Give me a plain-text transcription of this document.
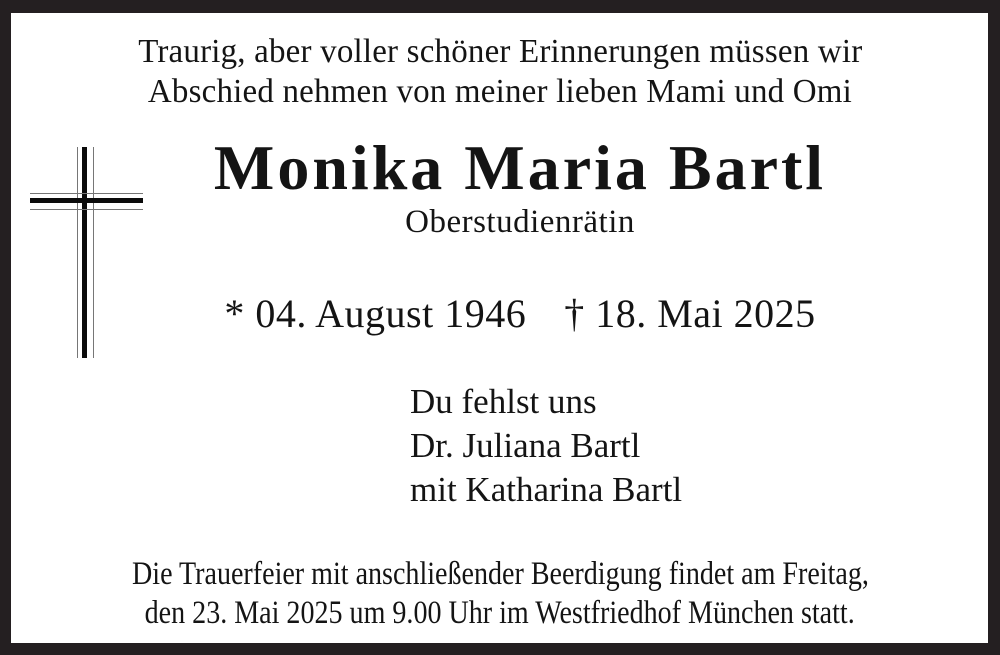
Traurig, aber voller schöner Erinnerungen müssen wir
Abschied nehmen von meiner lieben Mami und Omi
Monika Maria Bartl
Oberstudienrätin
* 04. August 1946 † 18. Mai 2025
Du fehlst uns
Dr. Juliana Bartl
mit Katharina Bartl
Die Trauerfeier mit anschließender Beerdigung findet am Freitag,
den 23. Mai 2025 um 9.00 Uhr im Westfriedhof München statt.
